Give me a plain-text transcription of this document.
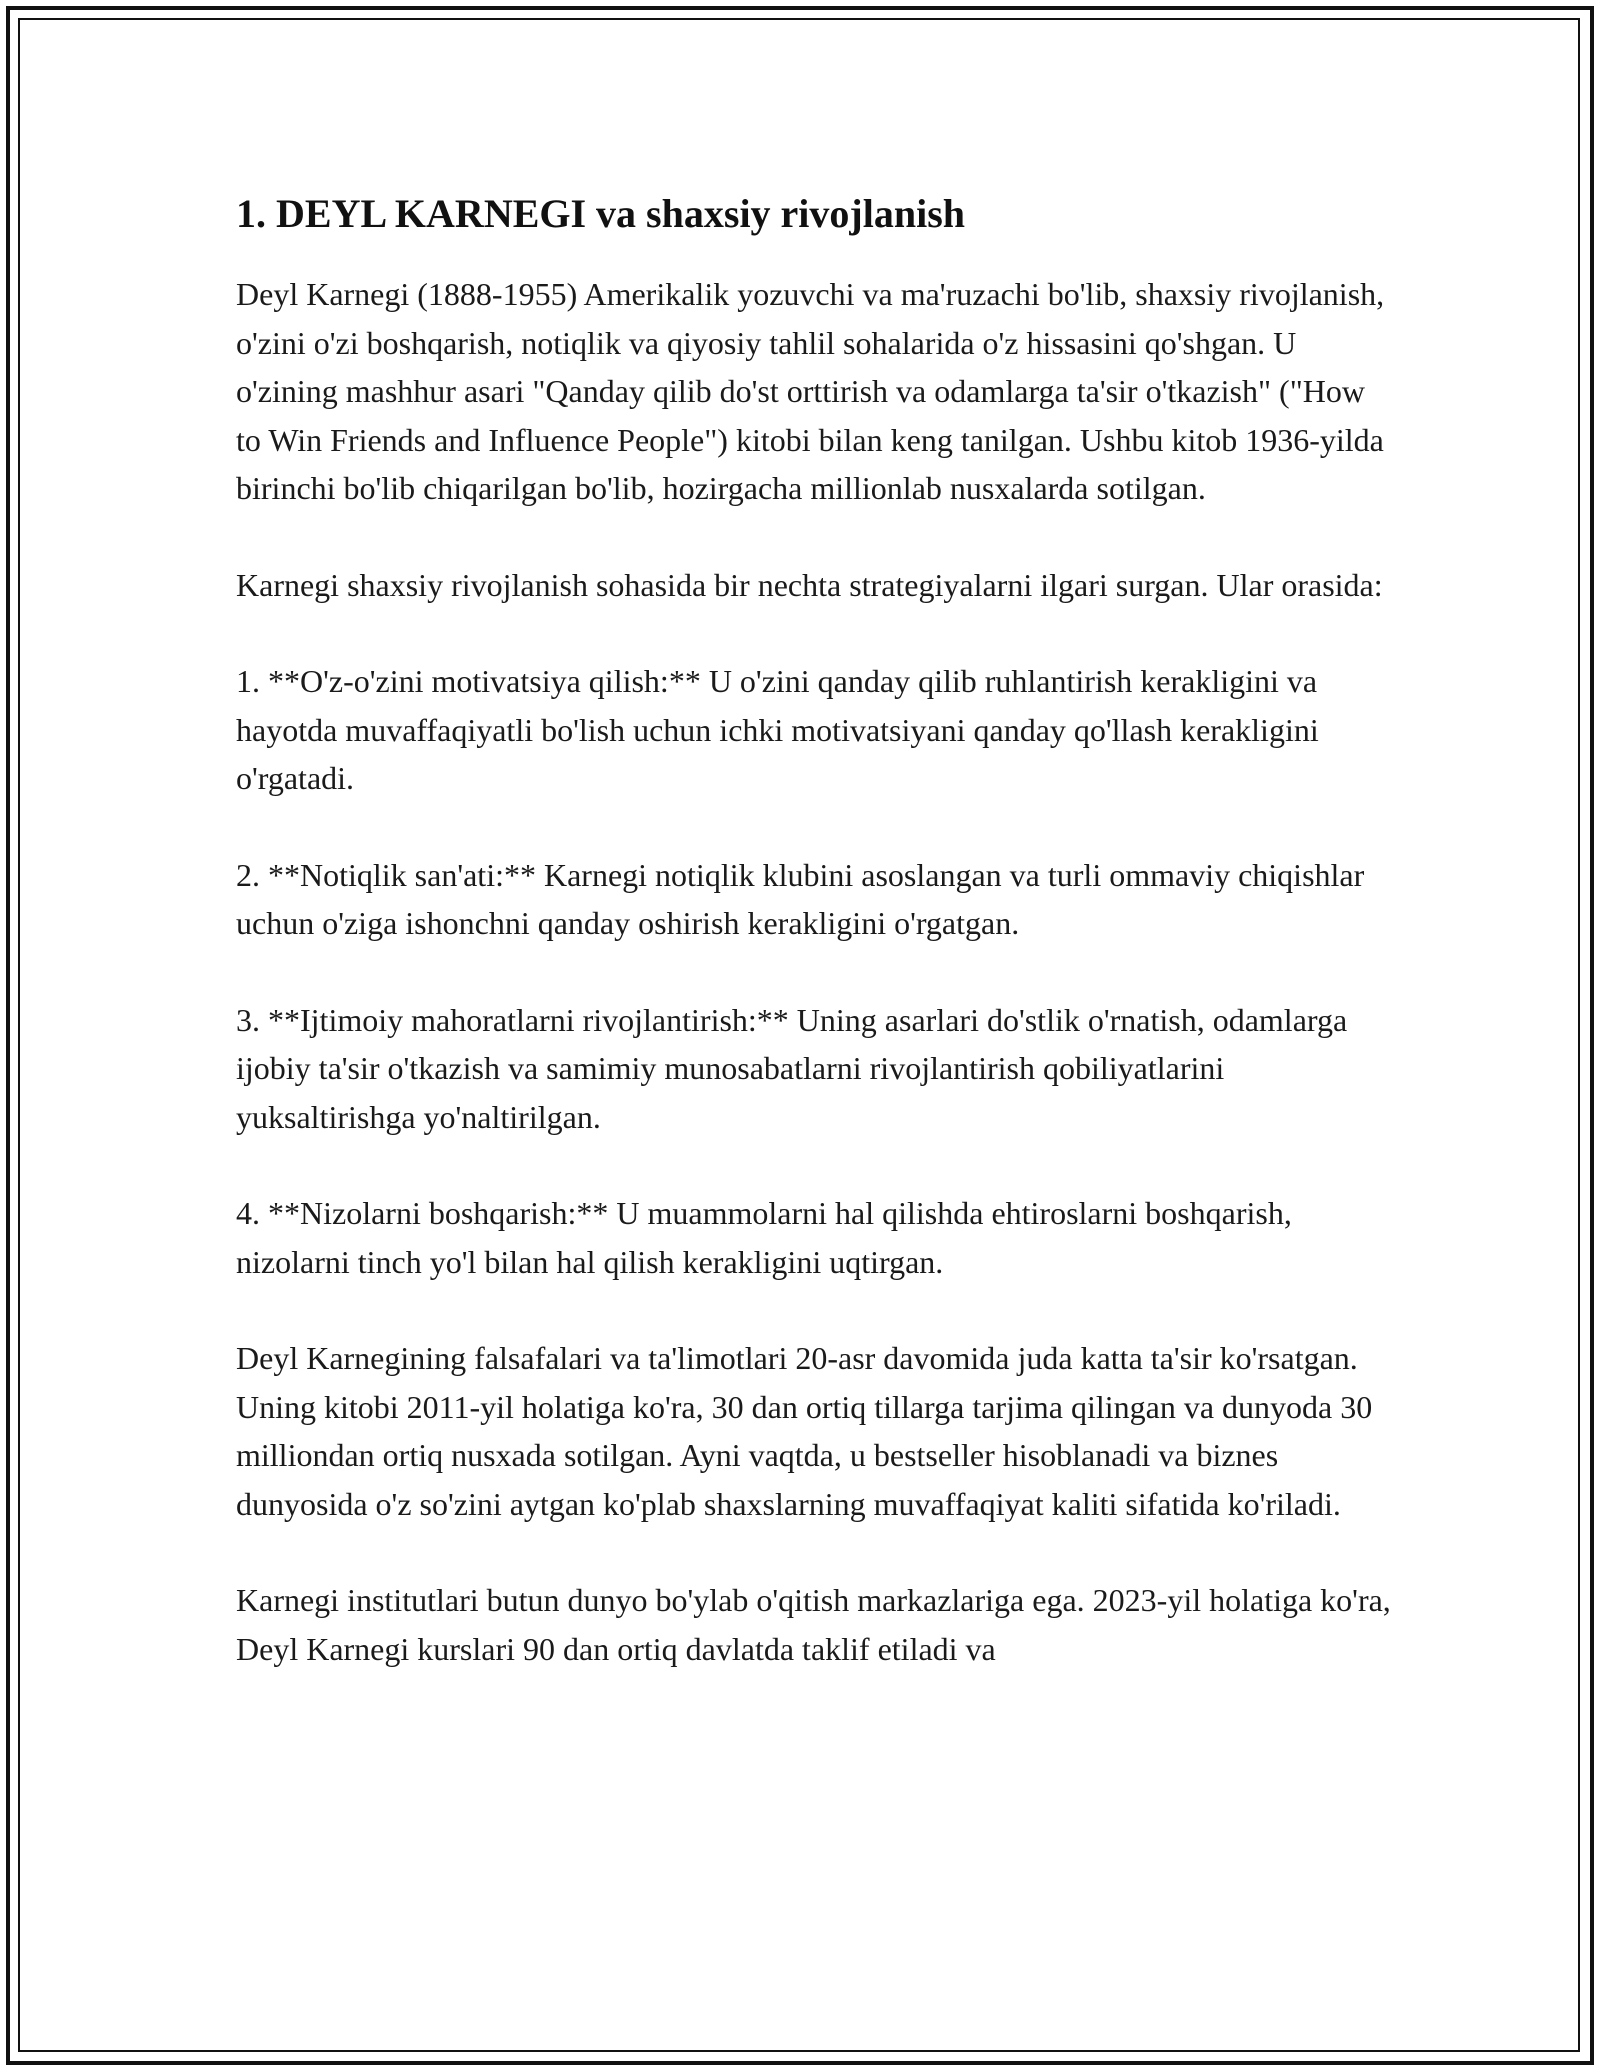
1. DEYL KARNEGI va shaxsiy rivojlanish

Deyl Karnegi (1888-1955) Amerikalik yozuvchi va ma'ruzachi bo'lib, shaxsiy rivojlanish, o'zini o'zi boshqarish, notiqlik va qiyosiy tahlil sohalarida o'z hissasini qo'shgan. U o'zining mashhur asari "Qanday qilib do'st orttirish va odamlarga ta'sir o'tkazish" ("How to Win Friends and Influence People") kitobi bilan keng tanilgan. Ushbu kitob 1936-yilda birinchi bo'lib chiqarilgan bo'lib, hozirgacha millionlab nusxalarda sotilgan.

Karnegi shaxsiy rivojlanish sohasida bir nechta strategiyalarni ilgari surgan. Ular orasida:

1. **O'z-o'zini motivatsiya qilish:** U o'zini qanday qilib ruhlantirish kerakligini va hayotda muvaffaqiyatli bo'lish uchun ichki motivatsiyani qanday qo'llash kerakligini o'rgatadi.

2. **Notiqlik san'ati:** Karnegi notiqlik klubini asoslangan va turli ommaviy chiqishlar uchun o'ziga ishonchni qanday oshirish kerakligini o'rgatgan.

3. **Ijtimoiy mahoratlarni rivojlantirish:** Uning asarlari do'stlik o'rnatish, odamlarga ijobiy ta'sir o'tkazish va samimiy munosabatlarni rivojlantirish qobiliyatlarini yuksaltirishga yo'naltirilgan.

4. **Nizolarni boshqarish:** U muammolarni hal qilishda ehtiroslarni boshqarish, nizolarni tinch yo'l bilan hal qilish kerakligini uqtirgan.

Deyl Karnegining falsafalari va ta'limotlari 20-asr davomida juda katta ta'sir ko'rsatgan. Uning kitobi 2011-yil holatiga ko'ra, 30 dan ortiq tillarga tarjima qilingan va dunyoda 30 milliondan ortiq nusxada sotilgan. Ayni vaqtda, u bestseller hisoblanadi va biznes dunyosida o'z so'zini aytgan ko'plab shaxslarning muvaffaqiyat kaliti sifatida ko'riladi.

Karnegi institutlari butun dunyo bo'ylab o'qitish markazlariga ega. 2023-yil holatiga ko'ra, Deyl Karnegi kurslari 90 dan ortiq davlatda taklif etiladi va
